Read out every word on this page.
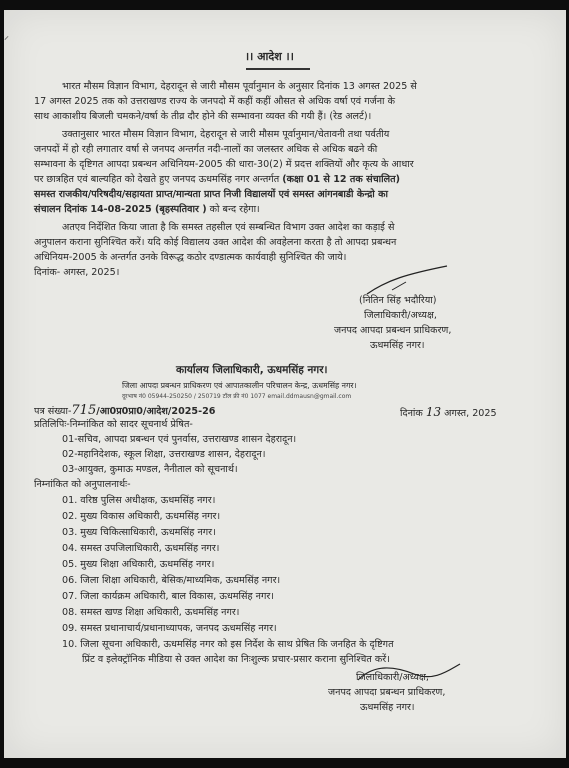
⸝
।। आदेश ।।
भारत मौसम विज्ञान विभाग, देहरादून से जारी मौसम पूर्वानुमान के अनुसार दिनांक 13 अगस्त 2025 से
17 अगस्त 2025 तक को उत्तराखण्ड राज्य के जनपदो में कहीं कहीं औसत से अधिक वर्षा एवं गर्जना के
साथ आकाशीय बिजली चमकने/वर्षा के तीव्र दौर होने की सम्भावना व्यक्त की गयी हैं। (रेड अलर्ट)।
उक्तानुसार भारत मौसम विज्ञान विभाग, देहरादून से जारी मौसम पूर्वानुमान/चेतावनी तथा पर्वतीय
जनपदों में हो रही लगातार वर्षा से जनपद अन्तर्गत नदी-नालों का जलस्तर अधिक से अधिक बढने की
सम्भावना के दृष्टिगत आपदा प्रबन्धन अधिनियम-2005 की धारा-30(2) में प्रदत्त शक्तियों और कृत्य के आधार
पर छात्रहित एवं बाल्यहित को देखते हुए जनपद ऊधमसिंह नगर अन्तर्गत (कक्षा 01 से 12 तक संचालित)
समस्त राजकीय/परिषदीय/सहायता प्राप्त/मान्यता प्राप्त निजी विद्यालयों एवं समस्त आंगनबाडी केन्द्रो का
संचालन दिनांक 14-08-2025 (बृहस्पतिवार ) को बन्द रहेगा।
अतएव निर्देशित किया जाता है कि समस्त तहसील एवं सम्बन्धित विभाग उक्त आदेश का कड़ाई से
अनुपालन कराना सुनिश्चित करें। यदि कोई विद्यालय उक्त आदेश की अवहेलना करता है तो आपदा प्रबन्धन
अधिनियम-2005 के अन्तर्गत उनके विरूद्ध कठोर दण्डात्मक कार्यवाही सुनिश्चित की जाये।
दिनांक- अगस्त, 2025।
(नितिन सिंह भदौरिया)
जिलाधिकारी/अध्यक्ष,
जनपद आपदा प्रबन्धन प्राधिकरण,
ऊधमसिंह नगर।
कार्यालय जिलाधिकारी, ऊधमसिंह नगर।
जिला आपदा प्रबन्धन प्राधिकरण एवं आपातकालीन परिचालन केन्द्र, ऊधमसिंह नगर।
दूरभाष नं0 05944-250250 / 250719 टॉल फ्री नं0 1077 email.ddmausn@gmail.com
पत्र संख्या-715/आ0प्र0प्रा0/आदेश/2025-26	दिनांक 13 अगस्त, 2025
प्रतिलिपिः-निम्नांकित को सादर सूचनार्थ प्रेषित-
01-सचिव, आपदा प्रबन्धन एवं पुनर्वास, उत्तराखण्ड शासन देहरादून।
02-महानिदेशक, स्कूल शिक्षा, उत्तराखण्ड शासन, देहरादून।
03-आयुक्त, कुमाऊ मण्डल, नैनीताल को सूचनार्थ।
निम्नांकित को अनुपालनार्थः-
01. वरिष्ठ पुलिस अधीक्षक, ऊधमसिंह नगर।
02. मुख्य विकास अधिकारी, ऊधमसिंह नगर।
03. मुख्य चिकित्साधिकारी, ऊधमसिंह नगर।
04. समस्त उपजिलाधिकारी, ऊधमसिंह नगर।
05. मुख्य शिक्षा अधिकारी, ऊधमसिंह नगर।
06. जिला शिक्षा अधिकारी, बेसिक/माध्यमिक, ऊधमसिंह नगर।
07. जिला कार्यक्रम अधिकारी, बाल विकास, ऊधमसिंह नगर।
08. समस्त खण्ड शिक्षा अधिकारी, ऊधमसिंह नगर।
09. समस्त प्रधानाचार्य/प्रधानाध्यापक, जनपद ऊधमसिंह नगर।
10. जिला सूचना अधिकारी, ऊधमसिंह नगर को इस निर्देश के साथ प्रेषित कि जनहित के दृष्टिगत
प्रिंट व इलेक्ट्रॉनिक मीडिया से उक्त आदेश का निःशुल्क प्रचार-प्रसार कराना सुनिश्चित करें।
जिलाधिकारी/अध्यक्ष,
जनपद आपदा प्रबन्धन प्राधिकरण,
ऊधमसिंह नगर।
